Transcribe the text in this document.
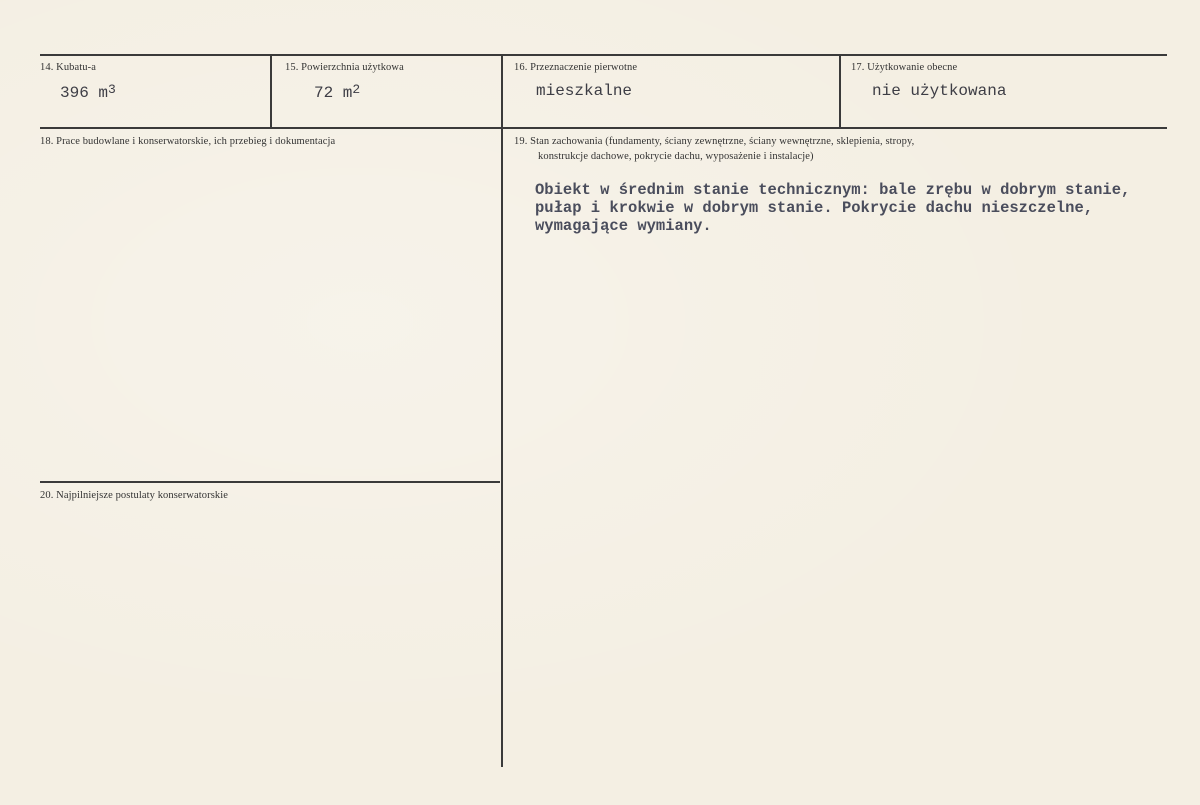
14. Kubatu‐a
396 $m^3$
15. Powierzchnia użytkowa
72 $m^2$
16. Przeznaczenie pierwotne
mieszkalne
17. Użytkowanie obecne
nie użytkowana
18. Prace budowlane i konserwatorskie, ich przebieg i dokumentacja	19. Stan zachowania (fundamenty, ściany zewnętrzne, ściany wewnętrzne, sklepienia, stropy,
konstrukcje dachowe, pokrycie dachu, wyposażenie i instalacje)
Obiekt w średnim stanie technicznym: bale zrębu w dobrym stanie,
pułap i krokwie w dobrym stanie. Pokrycie dachu nieszczelne,
wymagające wymiany.
20. Najpilniejsze postulaty konserwatorskie
